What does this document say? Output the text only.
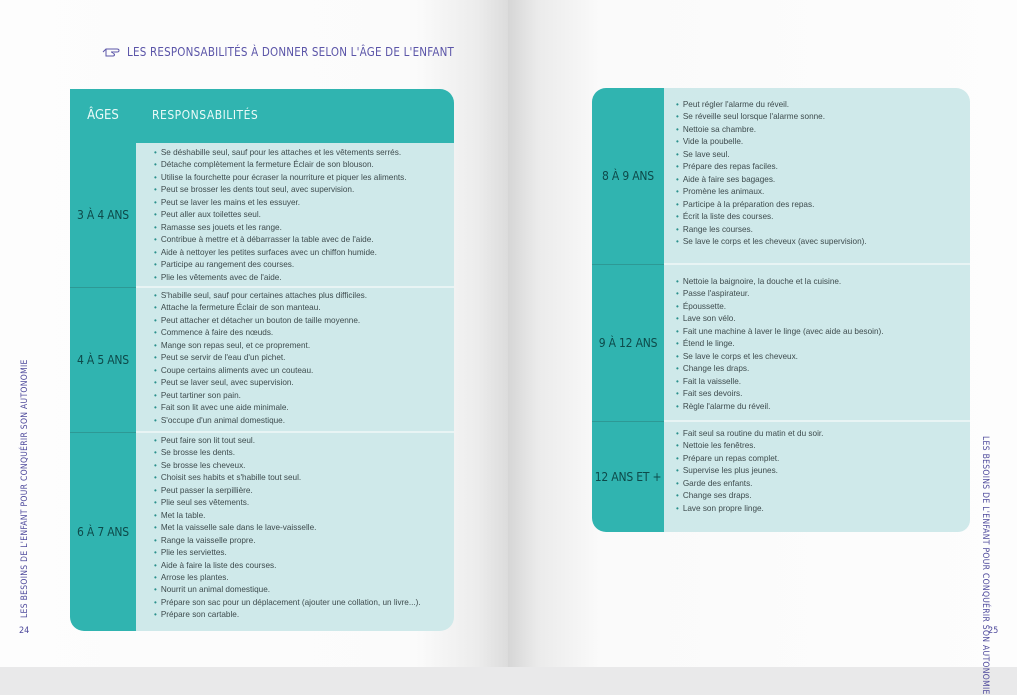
LES RESPONSABILITÉS À DONNER SELON L'ÂGE DE L'ENFANT
ÂGES	RESPONSABILITÉS
3 À 4 ANS
• Se déshabille seul, sauf pour les attaches et les vêtements serrés.
• Détache complètement la fermeture Éclair de son blouson.
• Utilise la fourchette pour écraser la nourriture et piquer les aliments.
• Peut se brosser les dents tout seul, avec supervision.
• Peut se laver les mains et les essuyer.
• Peut aller aux toilettes seul.
• Ramasse ses jouets et les range.
• Contribue à mettre et à débarrasser la table avec de l'aide.
• Aide à nettoyer les petites surfaces avec un chiffon humide.
• Participe au rangement des courses.
• Plie les vêtements avec de l'aide.
4 À 5 ANS
• S'habille seul, sauf pour certaines attaches plus difficiles.
• Attache la fermeture Éclair de son manteau.
• Peut attacher et détacher un bouton de taille moyenne.
• Commence à faire des nœuds.
• Mange son repas seul, et ce proprement.
• Peut se servir de l'eau d'un pichet.
• Coupe certains aliments avec un couteau.
• Peut se laver seul, avec supervision.
• Peut tartiner son pain.
• Fait son lit avec une aide minimale.
• S'occupe d'un animal domestique.
6 À 7 ANS
• Peut faire son lit tout seul.
• Se brosse les dents.
• Se brosse les cheveux.
• Choisit ses habits et s'habille tout seul.
• Peut passer la serpillière.
• Plie seul ses vêtements.
• Met la table.
• Met la vaisselle sale dans le lave-vaisselle.
• Range la vaisselle propre.
• Plie les serviettes.
• Aide à faire la liste des courses.
• Arrose les plantes.
• Nourrit un animal domestique.
• Prépare son sac pour un déplacement (ajouter une collation, un livre...).
• Prépare son cartable.
LES BESOINS DE L'ENFANT POUR CONQUÉRIR SON AUTONOMIE
24
8 À 9 ANS
• Peut régler l'alarme du réveil.
• Se réveille seul lorsque l'alarme sonne.
• Nettoie sa chambre.
• Vide la poubelle.
• Se lave seul.
• Prépare des repas faciles.
• Aide à faire ses bagages.
• Promène les animaux.
• Participe à la préparation des repas.
• Écrit la liste des courses.
• Range les courses.
• Se lave le corps et les cheveux (avec supervision).
9 À 12 ANS
• Nettoie la baignoire, la douche et la cuisine.
• Passe l'aspirateur.
• Époussette.
• Lave son vélo.
• Fait une machine à laver le linge (avec aide au besoin).
• Étend le linge.
• Se lave le corps et les cheveux.
• Change les draps.
• Fait la vaisselle.
• Fait ses devoirs.
• Règle l'alarme du réveil.
12 ANS ET +
• Fait seul sa routine du matin et du soir.
• Nettoie les fenêtres.
• Prépare un repas complet.
• Supervise les plus jeunes.
• Garde des enfants.
• Change ses draps.
• Lave son propre linge.	LES BESOINS DE L'ENFANT POUR CONQUÉRIR SON AUTONOMIE
25
